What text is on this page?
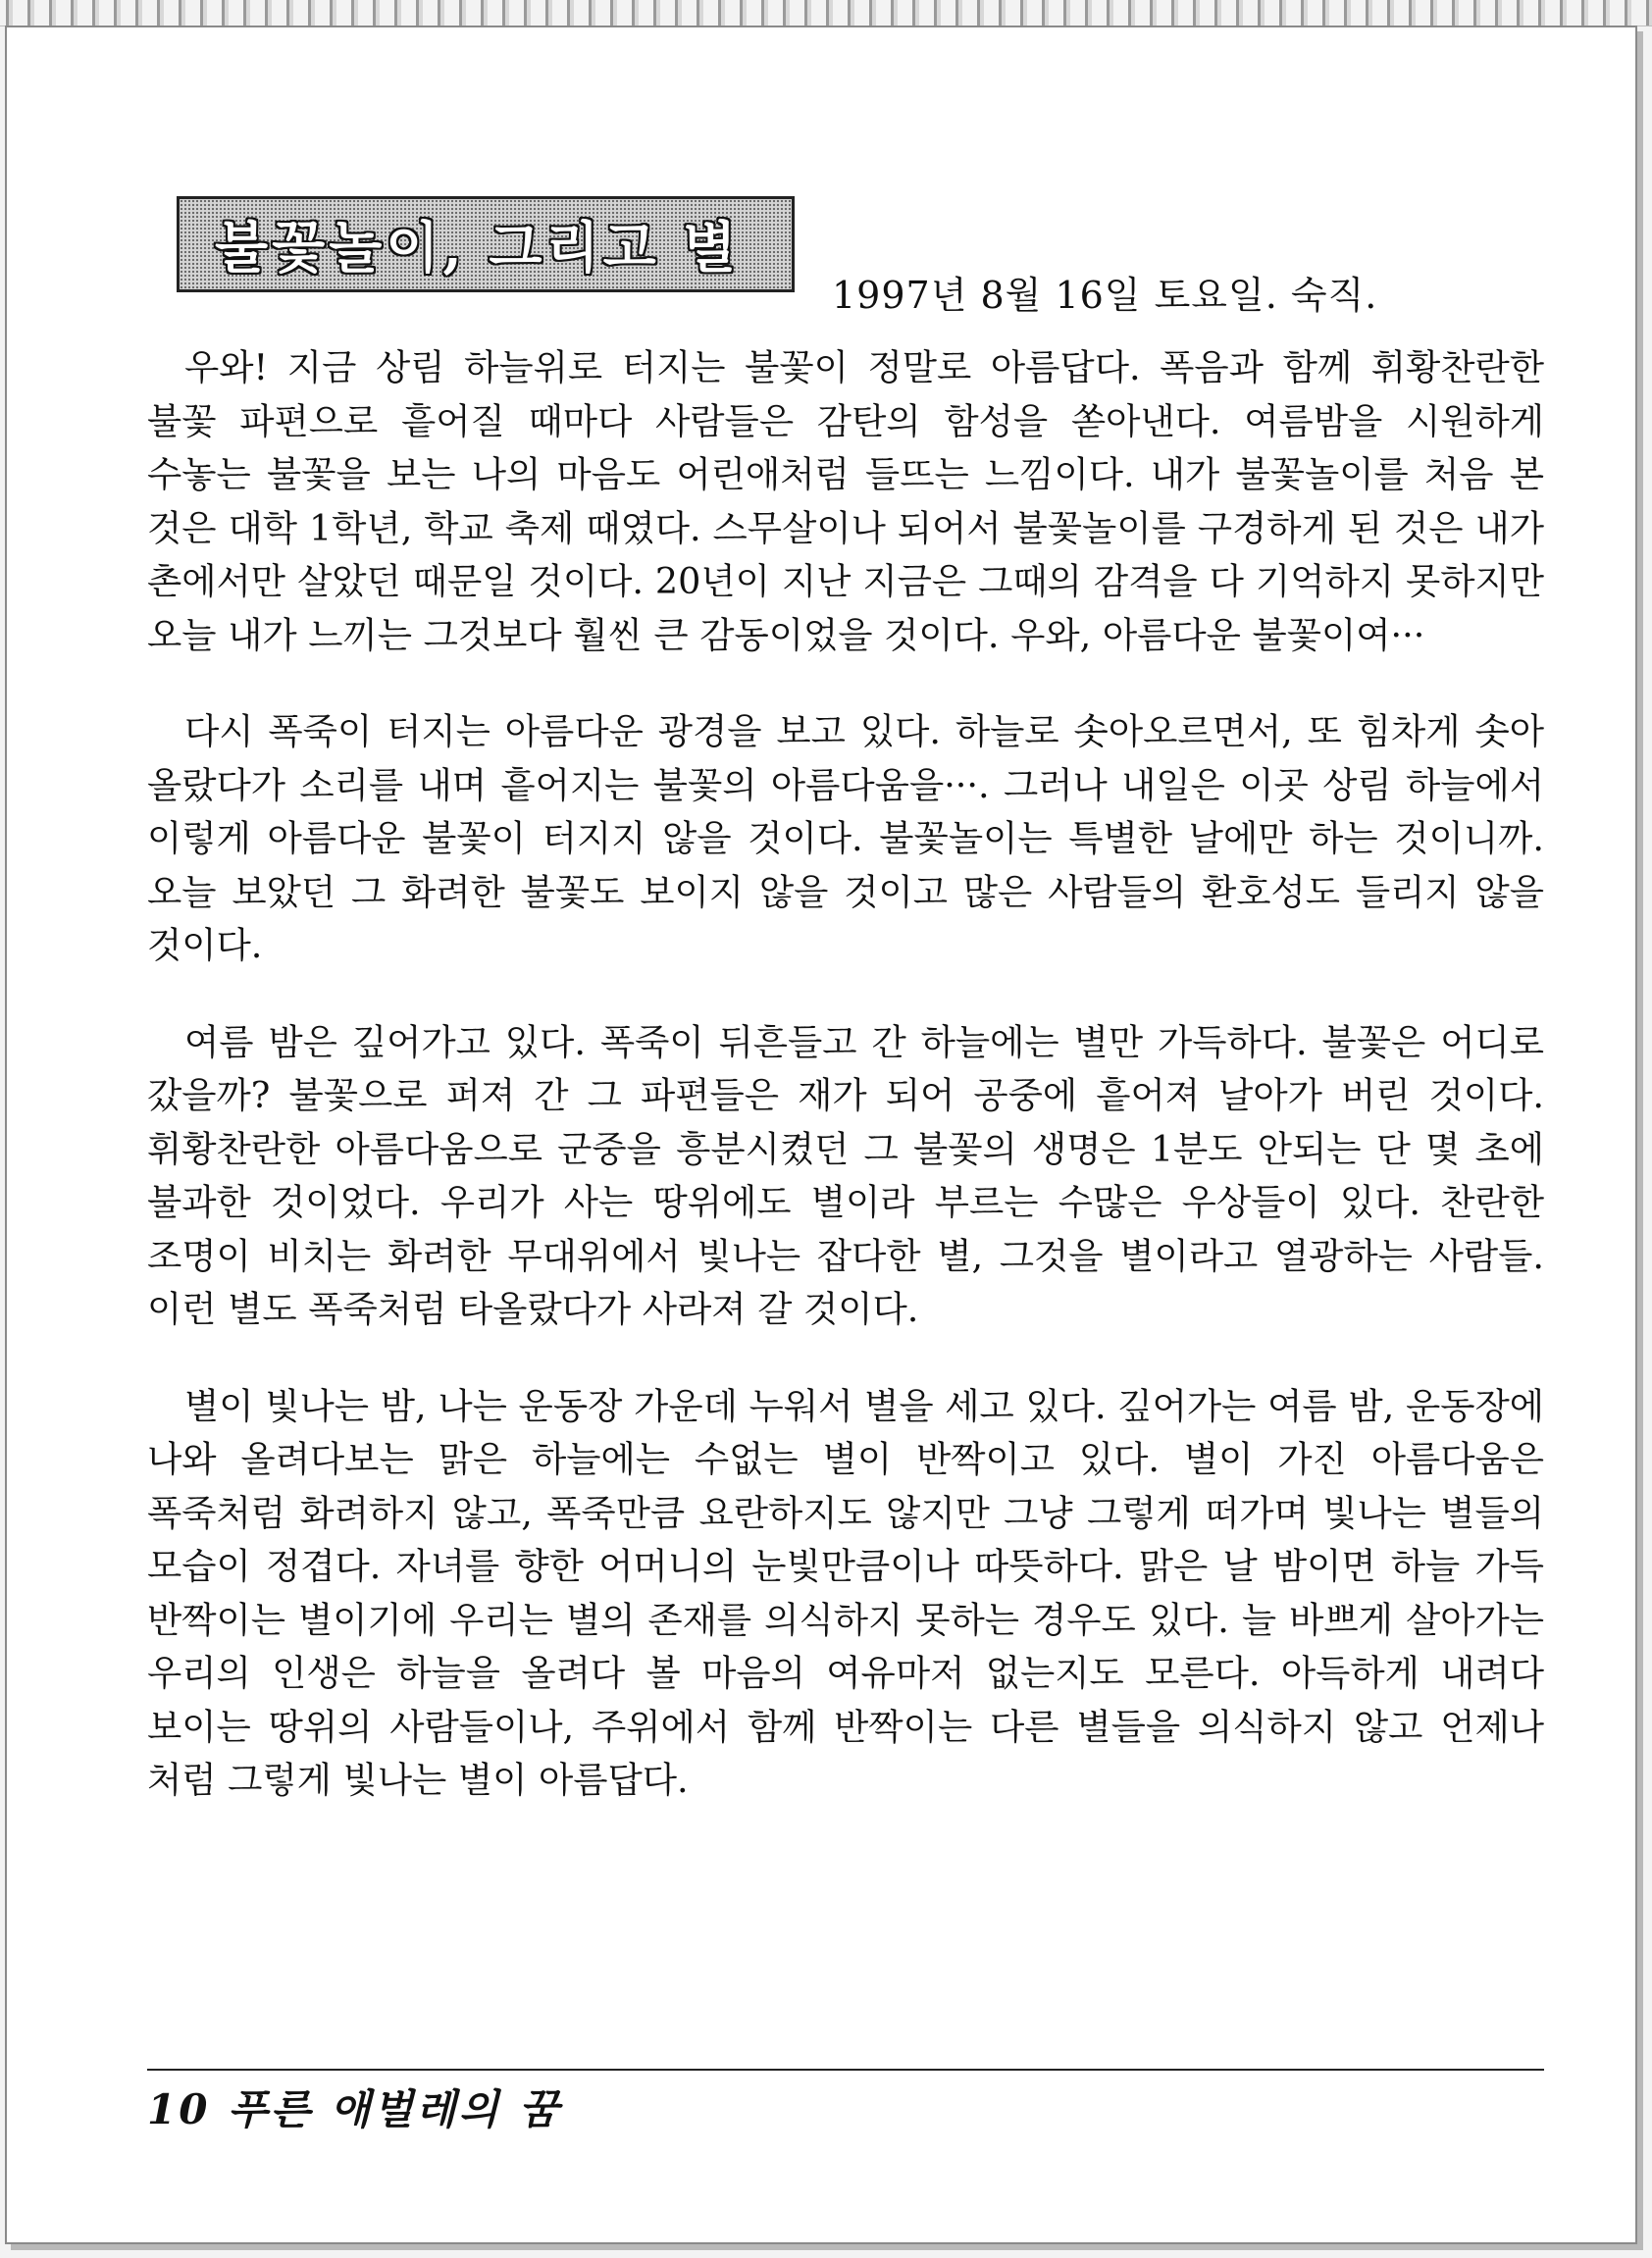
불꽃놀이, 그리고 별
1997년 8월 16일 토요일. 숙직.

우와! 지금 상림 하늘위로 터지는 불꽃이 정말로 아름답다. 폭음과 함께 휘황찬란한 불꽃 파편으로 흩어질 때마다 사람들은 감탄의 함성을 쏟아낸다. 여름밤을 시원하게 수놓는 불꽃을 보는 나의 마음도 어린애처럼 들뜨는 느낌이다. 내가 불꽃놀이를 처음 본 것은 대학 1학년, 학교 축제 때였다. 스무살이나 되어서 불꽃놀이를 구경하게 된 것은 내가 촌에서만 살았던 때문일 것이다. 20년이 지난 지금은 그때의 감격을 다 기억하지 못하지만 오늘 내가 느끼는 그것보다 훨씬 큰 감동이었을 것이다. 우와, 아름다운 불꽃이여···

다시 폭죽이 터지는 아름다운 광경을 보고 있다. 하늘로 솟아오르면서, 또 힘차게 솟아 올랐다가 소리를 내며 흩어지는 불꽃의 아름다움을···. 그러나 내일은 이곳 상림 하늘에서 이렇게 아름다운 불꽃이 터지지 않을 것이다. 불꽃놀이는 특별한 날에만 하는 것이니까. 오늘 보았던 그 화려한 불꽃도 보이지 않을 것이고 많은 사람들의 환호성도 들리지 않을 것이다.

여름 밤은 깊어가고 있다. 폭죽이 뒤흔들고 간 하늘에는 별만 가득하다. 불꽃은 어디로 갔을까? 불꽃으로 퍼져 간 그 파편들은 재가 되어 공중에 흩어져 날아가 버린 것이다. 휘황찬란한 아름다움으로 군중을 흥분시켰던 그 불꽃의 생명은 1분도 안되는 단 몇 초에 불과한 것이었다. 우리가 사는 땅위에도 별이라 부르는 수많은 우상들이 있다. 찬란한 조명이 비치는 화려한 무대위에서 빛나는 잡다한 별, 그것을 별이라고 열광하는 사람들. 이런 별도 폭죽처럼 타올랐다가 사라져 갈 것이다.

별이 빛나는 밤, 나는 운동장 가운데 누워서 별을 세고 있다. 깊어가는 여름 밤, 운동장에 나와 올려다보는 맑은 하늘에는 수없는 별이 반짝이고 있다. 별이 가진 아름다움은 폭죽처럼 화려하지 않고, 폭죽만큼 요란하지도 않지만 그냥 그렇게 떠가며 빛나는 별들의 모습이 정겹다. 자녀를 향한 어머니의 눈빛만큼이나 따뜻하다. 맑은 날 밤이면 하늘 가득 반짝이는 별이기에 우리는 별의 존재를 의식하지 못하는 경우도 있다. 늘 바쁘게 살아가는 우리의 인생은 하늘을 올려다 볼 마음의 여유마저 없는지도 모른다. 아득하게 내려다 보이는 땅위의 사람들이나, 주위에서 함께 반짝이는 다른 별들을 의식하지 않고 언제나 처럼 그렇게 빛나는 별이 아름답다.

10 푸른 애벌레의 꿈
